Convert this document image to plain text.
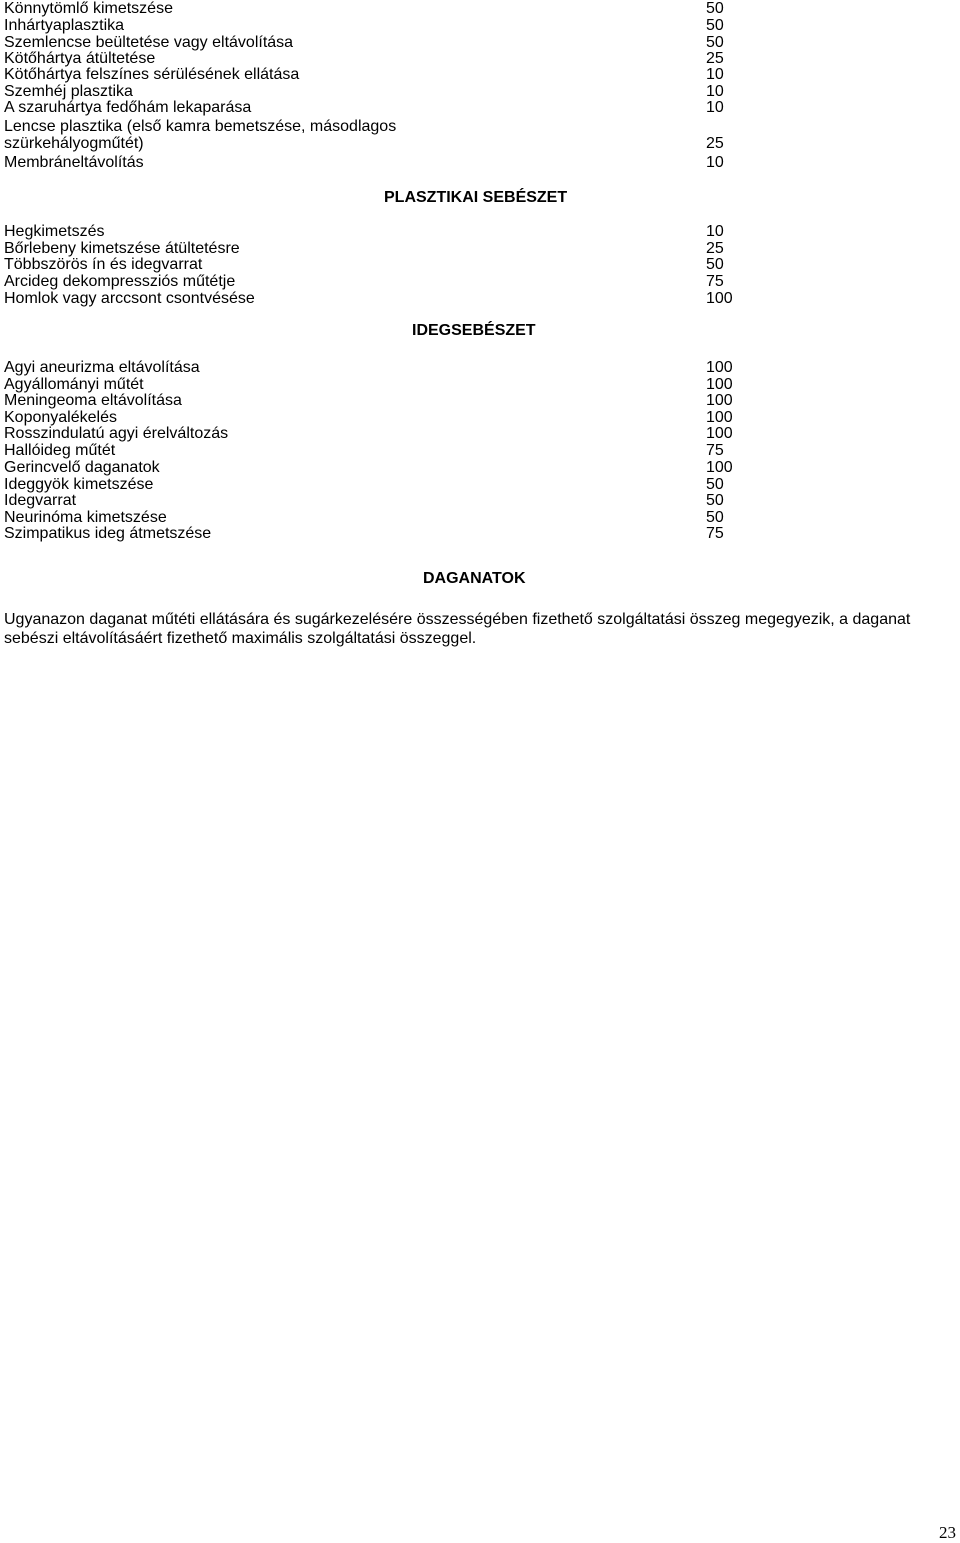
Könnytömlő kimetszése	50
Inhártyaplasztika	50
Szemlencse beültetése vagy eltávolítása	50
Kötőhártya átültetése	25
Kötőhártya felszínes sérülésének ellátása	10
Szemhéj plasztika	10
A szaruhártya fedőhám lekaparása	10
Lencse plasztika (első kamra bemetszése, másodlagos szürkehályogműtét)	25
Membráneltávolítás	10
PLASZTIKAI SEBÉSZET
Hegkimetszés	10
Bőrlebeny kimetszése átültetésre	25
Többszörös ín és idegvarrat	50
Arcideg dekompressziós műtétje	75
Homlok vagy arccsont csontvésése	100
IDEGSEBÉSZET
Agyi aneurizma eltávolítása	100
Agyállományi műtét	100
Meningeoma eltávolítása	100
Koponyalékelés	100
Rosszindulatú agyi érelváltozás	100
Hallóideg műtét	75
Gerincvelő daganatok	100
Ideggyök kimetszése	50
Idegvarrat	50
Neurinóma kimetszése	50
Szimpatikus ideg átmetszése	75
DAGANATOK
Ugyanazon daganat műtéti ellátására és sugárkezelésére összességében fizethető szolgáltatási összeg megegyezik, a daganat sebészi eltávolításáért fizethető maximális szolgáltatási összeggel.
23
